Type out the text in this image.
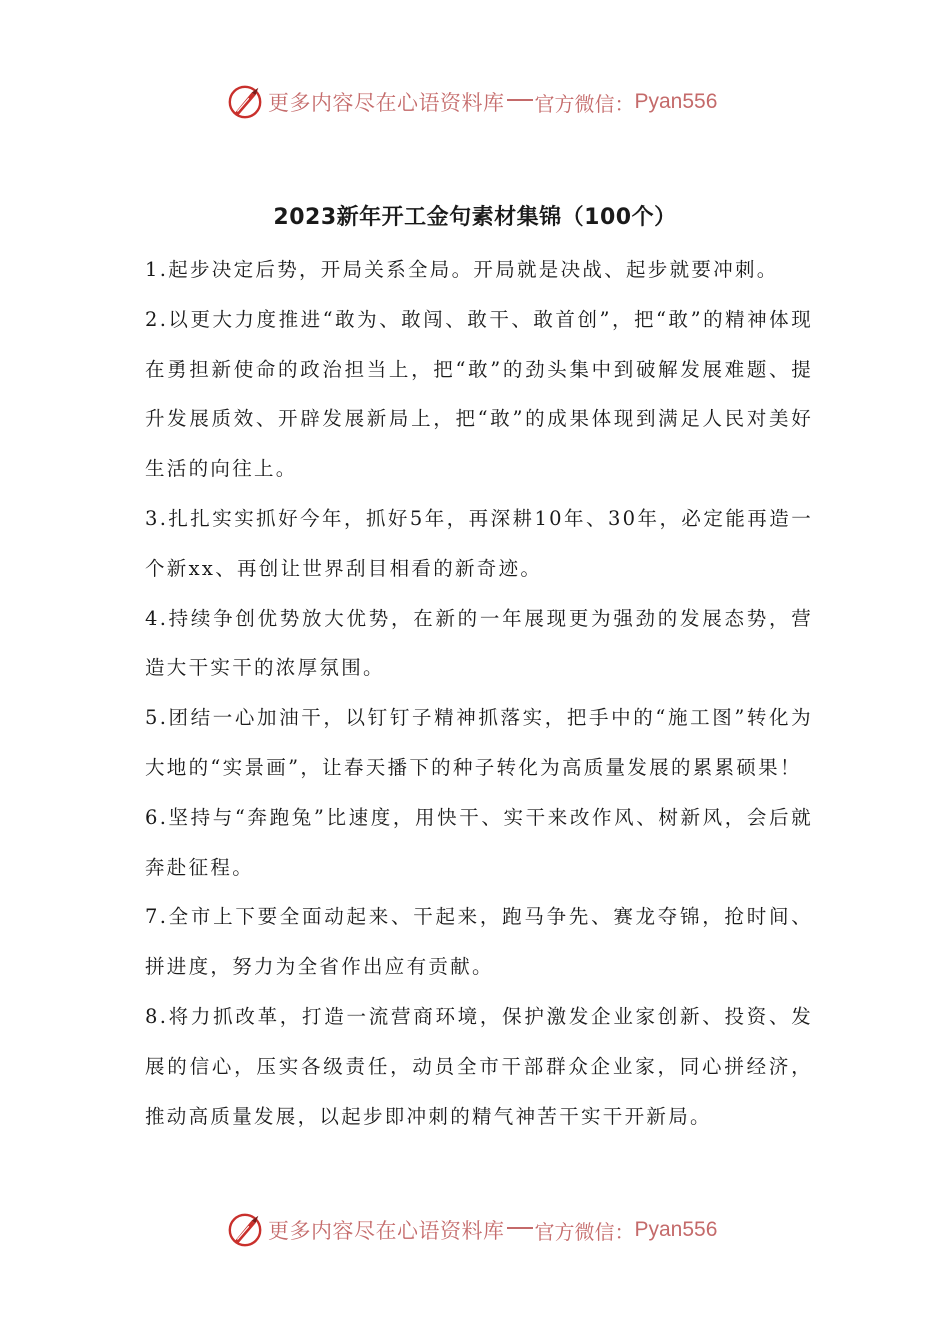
更多内容尽在心语资料库 官方微信： Pyan556
2023新年开工金句素材集锦（100个）

1.起步决定后势，开局关系全局。开局就是决战、起步就要冲刺。

2.以更大力度推进“敢为、敢闯、敢干、敢首创”，把“敢”的精神体现在勇担新使命的政治担当上，把“敢”的劲头集中到破解发展难题、提升发展质效、开辟发展新局上，把“敢”的成果体现到满足人民对美好生活的向往上。

3.扎扎实实抓好今年，抓好5年，再深耕10年、30年，必定能再造一个新xx、再创让世界刮目相看的新奇迹。

4.持续争创优势放大优势，在新的一年展现更为强劲的发展态势，营造大干实干的浓厚氛围。

5.团结一心加油干，以钉钉子精神抓落实，把手中的“施工图”转化为大地的“实景画”，让春天播下的种子转化为高质量发展的累累硕果！

6.坚持与“奔跑兔”比速度，用快干、实干来改作风、树新风，会后就奔赴征程。

7.全市上下要全面动起来、干起来，跑马争先、赛龙夺锦，抢时间、拼进度，努力为全省作出应有贡献。

8.将力抓改革，打造一流营商环境，保护激发企业家创新、投资、发展的信心，压实各级责任，动员全市干部群众企业家，同心拼经济，推动高质量发展，以起步即冲刺的精气神苦干实干开新局。

更多内容尽在心语资料库 官方微信： Pyan556
